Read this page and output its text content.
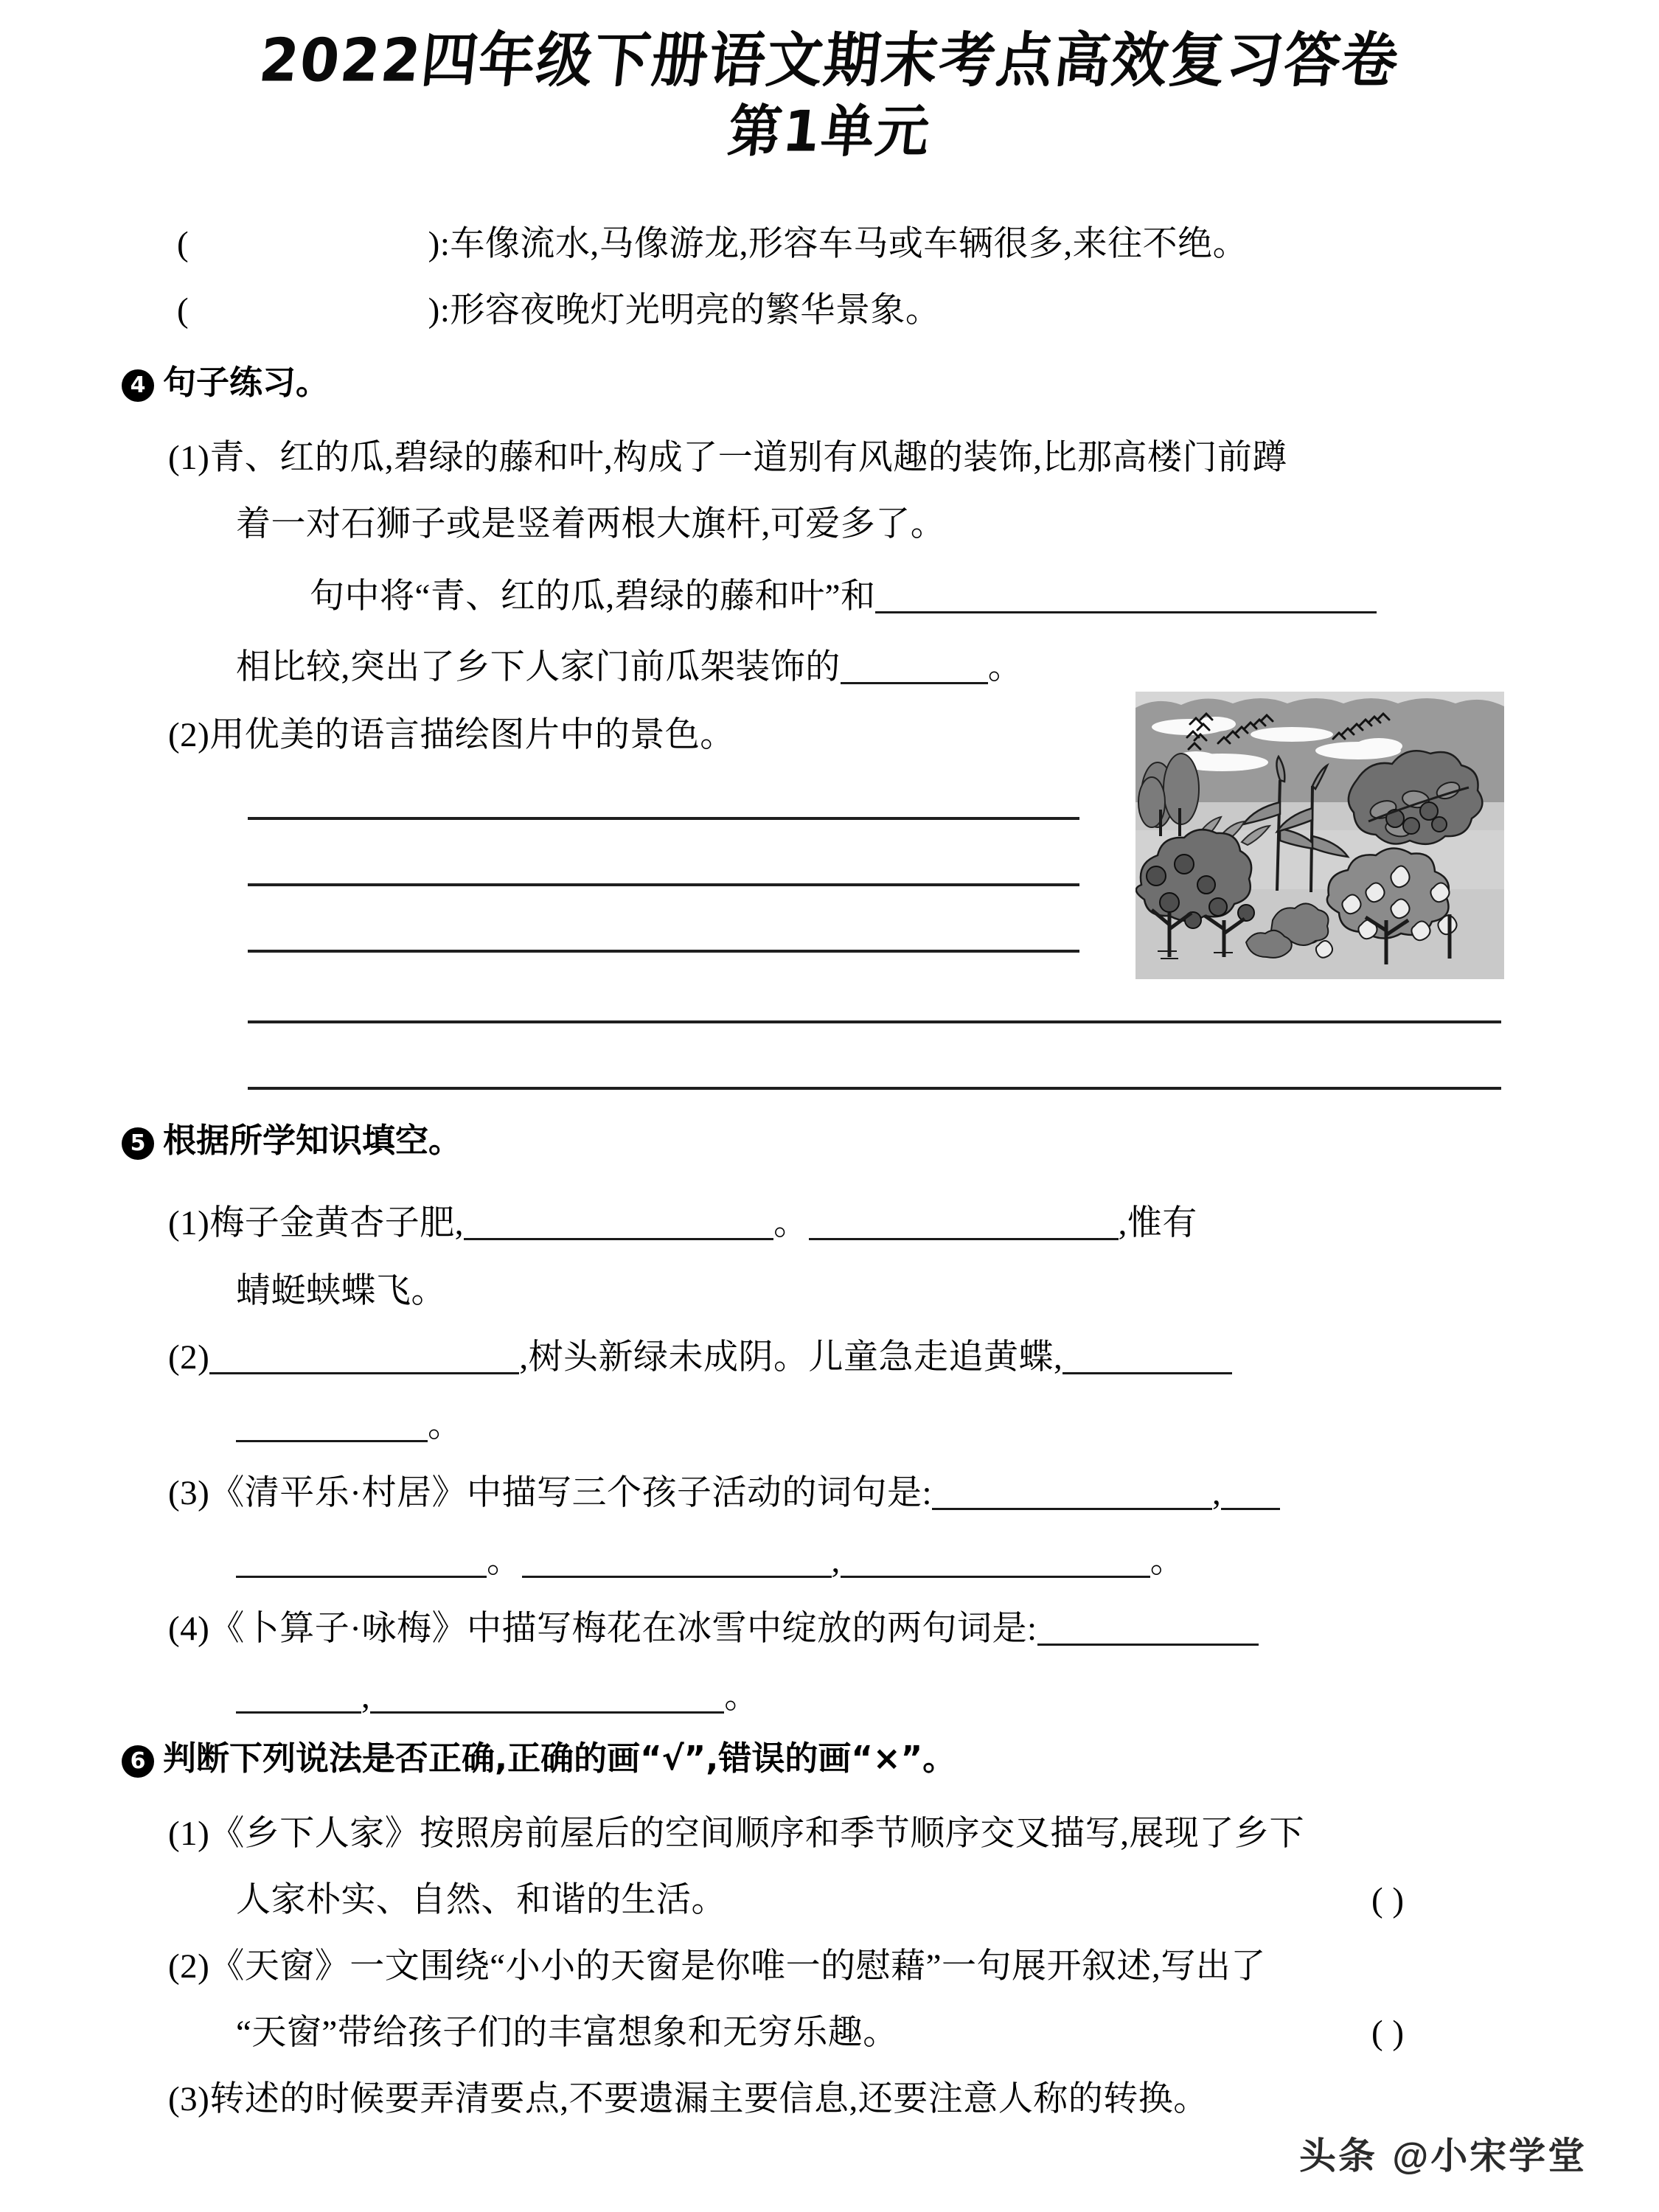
2022四年级下册语文期末考点高效复习答卷
第1单元
(	):车像流水,马像游龙,形容车马或车辆很多,来往不绝。
(	):形容夜晚灯光明亮的繁华景象。
4 句子练习。
(1)青、红的瓜,碧绿的藤和叶,构成了一道别有风趣的装饰,比那高楼门前蹲
着一对石狮子或是竖着两根大旗杆,可爱多了。
句中将“青、红的瓜,碧绿的藤和叶”和
相比较,突出了乡下人家门前瓜架装饰的	。
(2)用优美的语言描绘图片中的景色。
5 根据所学知识填空。
(1)梅子金黄杏子肥,	。	,惟有
蜻蜓蛱蝶飞。
(2)	,树头新绿未成阴。儿童急走追黄蝶,
。
(3)《清平乐·村居》中描写三个孩子活动的词句是:	,
。	,	。
(4)《卜算子·咏梅》中描写梅花在冰雪中绽放的两句词是:
,	。
6 判断下列说法是否正确,正确的画“√”,错误的画“×”。
(1)《乡下人家》按照房前屋后的空间顺序和季节顺序交叉描写,展现了乡下
人家朴实、自然、和谐的生活。	( )
(2)《天窗》一文围绕“小小的天窗是你唯一的慰藉”一句展开叙述,写出了
“天窗”带给孩子们的丰富想象和无穷乐趣。	( )
(3)转述的时候要弄清要点,不要遗漏主要信息,还要注意人称的转换。
头条 @小宋学堂
